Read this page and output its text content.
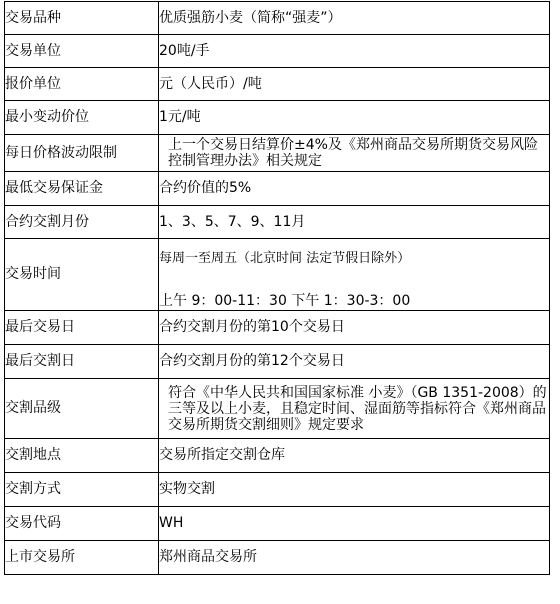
交易品种	优质强筋小麦（简称“强麦”）
交易单位	20吨/手
报价单位	元（人民币）/吨
最小变动价位	1元/吨
每日价格波动限制	上一个交易日结算价±4%及《郑州商品交易所期货交易风险控制管理办法》相关规定
最低交易保证金	合约价值的5%
合约交割月份	1、3、5、7、9、11月
交易时间	每周一至周五（北京时间 法定节假日除外）
上午 9：00-11：30 下午 1：30-3：00

最后交易日	合约交割月份的第10个交易日
最后交割日	合约交割月份的第12个交易日
交割品级	符合《中华人民共和国国家标准 小麦》（GB 1351-2008）的三等及以上小麦，且稳定时间、湿面筋等指标符合《郑州商品交易所期货交割细则》规定要求
交割地点	交易所指定交割仓库
交割方式	实物交割
交易代码	WH
上市交易所	郑州商品交易所
